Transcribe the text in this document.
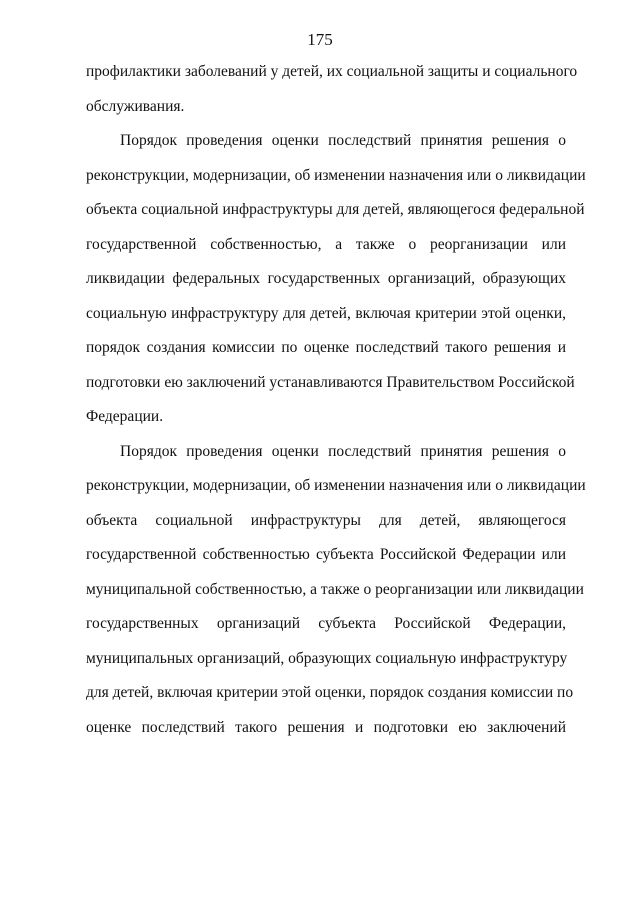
175
профилактики заболеваний у детей, их социальной защиты и социального
обслуживания.
Порядок проведения оценки последствий принятия решения о
реконструкции, модернизации, об изменении назначения или о ликвидации
объекта социальной инфраструктуры для детей, являющегося федеральной
государственной собственностью, а также о реорганизации или
ликвидации федеральных государственных организаций, образующих
социальную инфраструктуру для детей, включая критерии этой оценки,
порядок создания комиссии по оценке последствий такого решения и
подготовки ею заключений устанавливаются Правительством Российской
Федерации.
Порядок проведения оценки последствий принятия решения о
реконструкции, модернизации, об изменении назначения или о ликвидации
объекта социальной инфраструктуры для детей, являющегося
государственной собственностью субъекта Российской Федерации или
муниципальной собственностью, а также о реорганизации или ликвидации
государственных организаций субъекта Российской Федерации,
муниципальных организаций, образующих социальную инфраструктуру
для детей, включая критерии этой оценки, порядок создания комиссии по
оценке последствий такого решения и подготовки ею заключений
